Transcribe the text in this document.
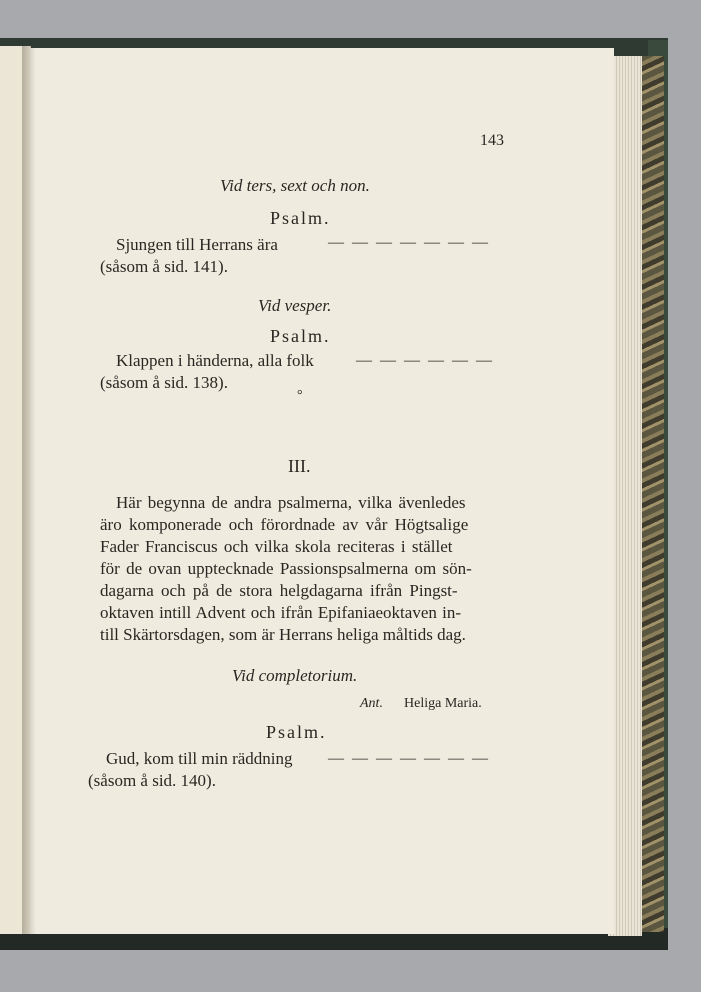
143
Vid ters, sext och non.
Psalm.
Sjungen till Herrans ära	— — — — — — —
(såsom å sid. 141).
Vid vesper.
Psalm.
Klappen i händerna, alla folk	— — — — — —
(såsom å sid. 138).
°
III.
Här begynna de andra psalmerna, vilka ävenledes
äro komponerade och förordnade av vår Högtsalige
Fader Franciscus och vilka skola reciteras i stället
för de ovan upptecknade Passionspsalmerna om sön-
dagarna och på de stora helgdagarna ifrån Pingst-
oktaven intill Advent och ifrån Epifaniaeoktaven in-
till Skärtorsdagen, som är Herrans heliga måltids dag.
Vid completorium.
Ant. Heliga Maria.
Psalm.
Gud, kom till min räddning — — — — — — —
(såsom å sid. 140).
